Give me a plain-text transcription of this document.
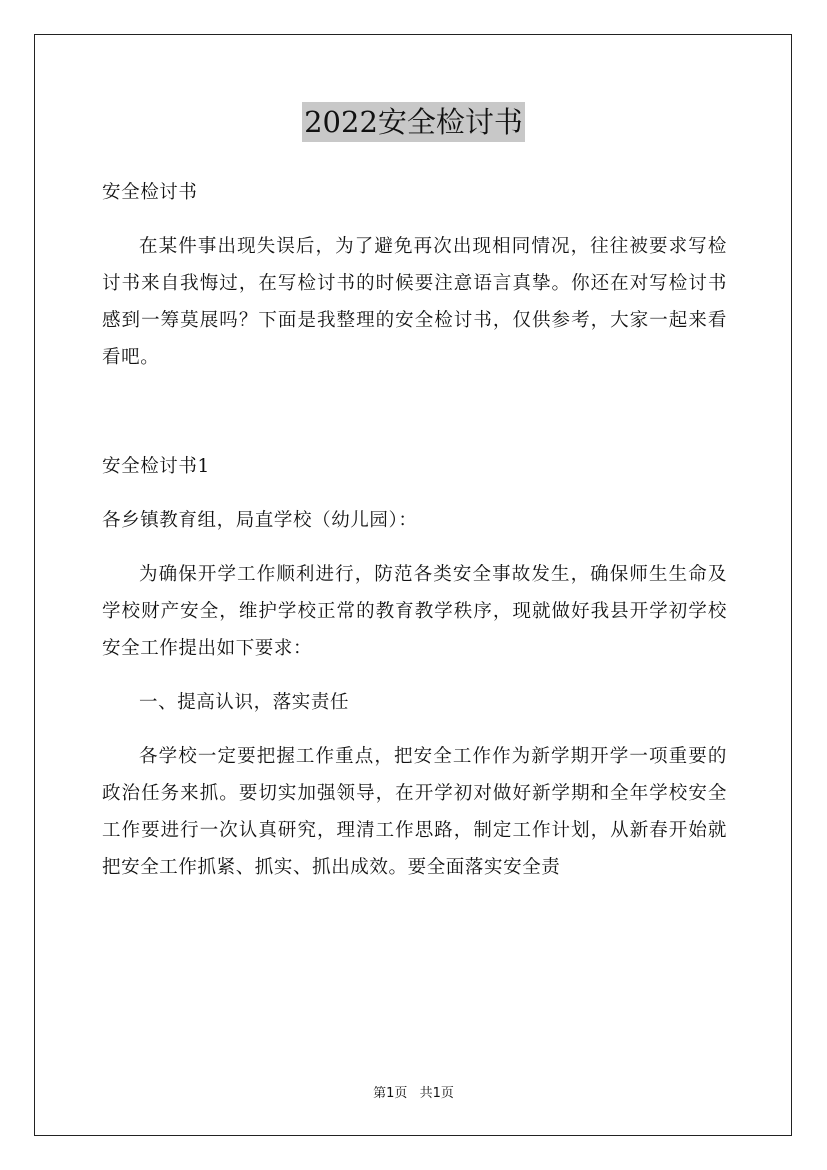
2022安全检讨书

安全检讨书

在某件事出现失误后，为了避免再次出现相同情况，往往被要求写检讨书来自我悔过，在写检讨书的时候要注意语言真挚。你还在对写检讨书感到一筹莫展吗？下面是我整理的安全检讨书，仅供参考，大家一起来看看吧。

安全检讨书1

各乡镇教育组，局直学校（幼儿园）：

为确保开学工作顺利进行，防范各类安全事故发生，确保师生生命及学校财产安全，维护学校正常的教育教学秩序，现就做好我县开学初学校安全工作提出如下要求：

一、提高认识，落实责任

各学校一定要把握工作重点，把安全工作作为新学期开学一项重要的政治任务来抓。要切实加强领导，在开学初对做好新学期和全年学校安全工作要进行一次认真研究，理清工作思路，制定工作计划，从新春开始就把安全工作抓紧、抓实、抓出成效。要全面落实安全责

第1页 共1页
